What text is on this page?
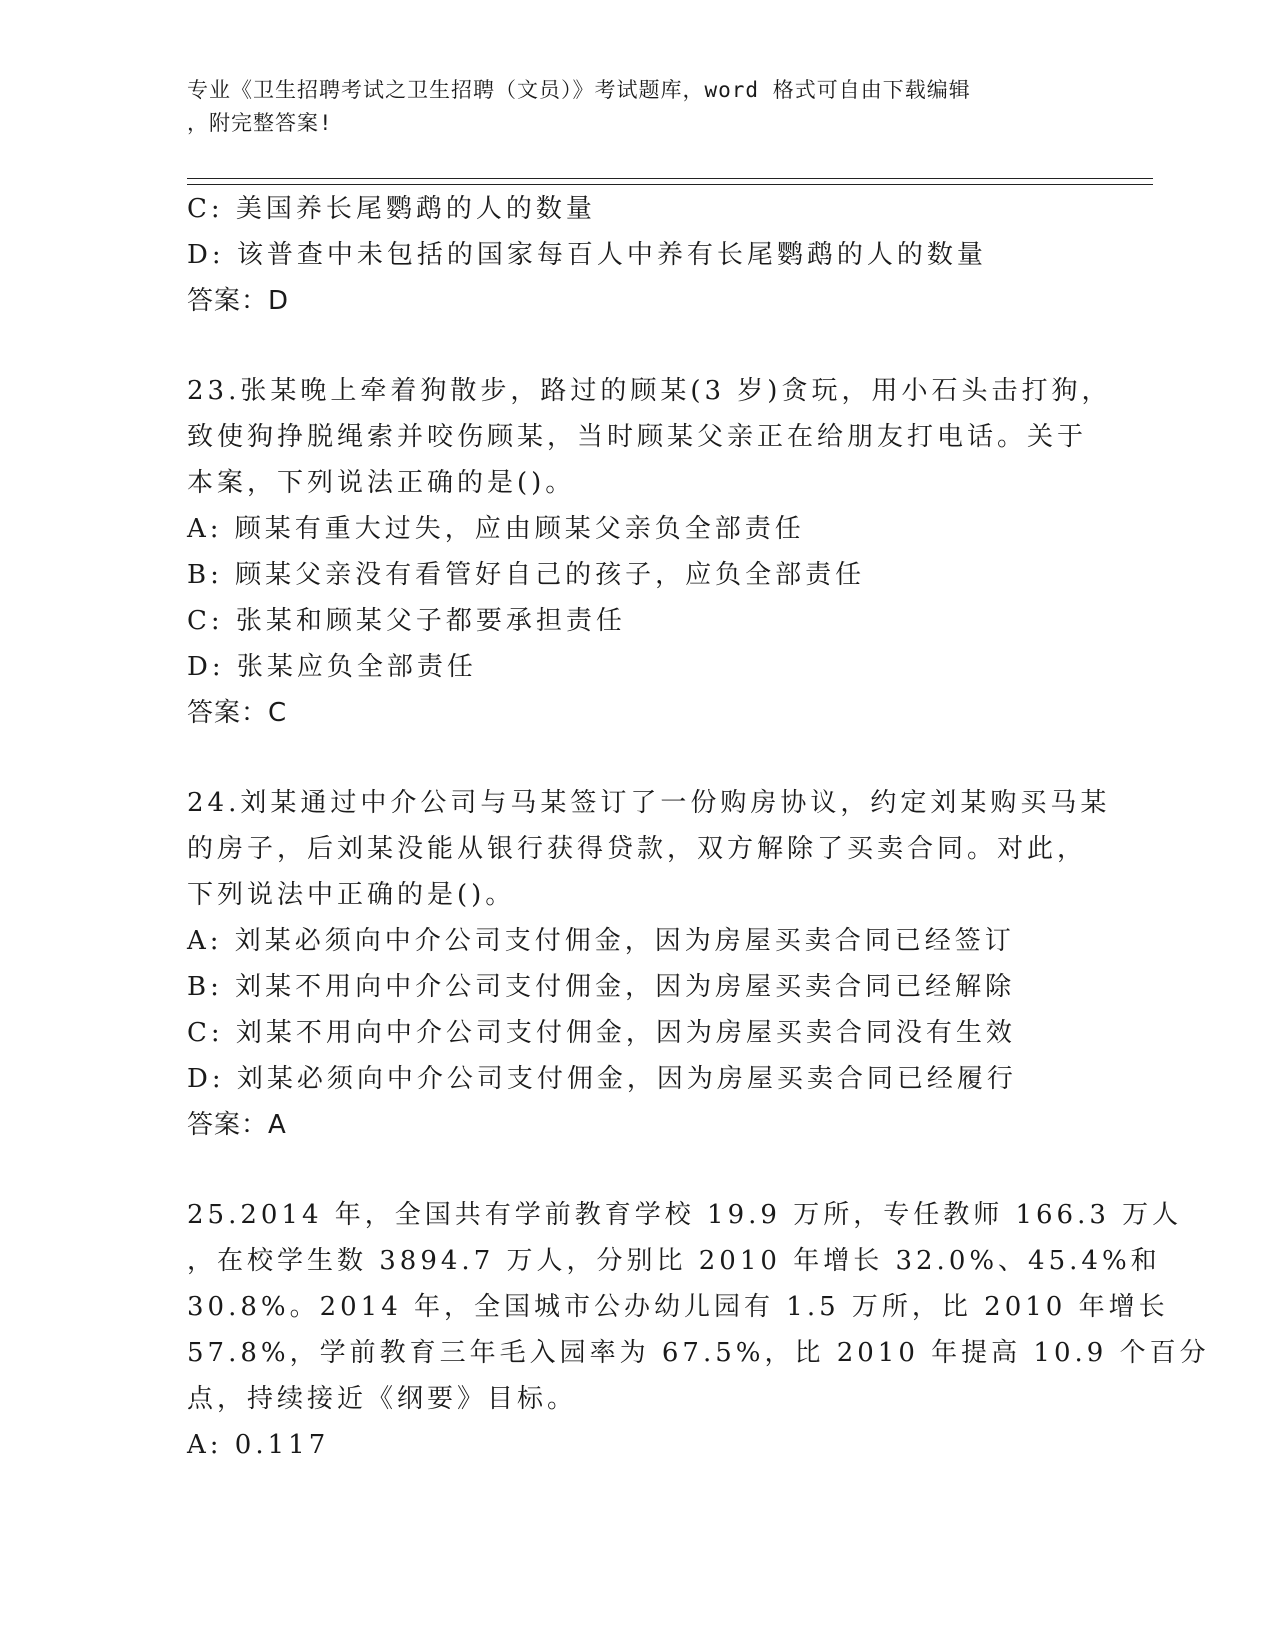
专业《卫生招聘考试之卫生招聘（文员）》考试题库，word 格式可自由下载编辑
，附完整答案!
C: 美国养长尾鹦鹉的人的数量
D: 该普查中未包括的国家每百人中养有长尾鹦鹉的人的数量
答案：D
23.张某晚上牵着狗散步，路过的顾某(3 岁)贪玩，用小石头击打狗，
致使狗挣脱绳索并咬伤顾某，当时顾某父亲正在给朋友打电话。关于
本案，下列说法正确的是()。
A: 顾某有重大过失，应由顾某父亲负全部责任
B: 顾某父亲没有看管好自己的孩子，应负全部责任
C: 张某和顾某父子都要承担责任
D: 张某应负全部责任
答案：C
24.刘某通过中介公司与马某签订了一份购房协议，约定刘某购买马某
的房子，后刘某没能从银行获得贷款，双方解除了买卖合同。对此，
下列说法中正确的是()。
A: 刘某必须向中介公司支付佣金，因为房屋买卖合同已经签订
B: 刘某不用向中介公司支付佣金，因为房屋买卖合同已经解除
C: 刘某不用向中介公司支付佣金，因为房屋买卖合同没有生效
D: 刘某必须向中介公司支付佣金，因为房屋买卖合同已经履行
答案：A
25.2014 年，全国共有学前教育学校 19.9 万所，专任教师 166.3 万人
，在校学生数 3894.7 万人，分别比 2010 年增长 32.0%、45.4%和
30.8%。2014 年，全国城市公办幼儿园有 1.5 万所，比 2010 年增长
57.8%，学前教育三年毛入园率为 67.5%，比 2010 年提高 10.9 个百分
点，持续接近《纲要》目标。
A: 0.117
